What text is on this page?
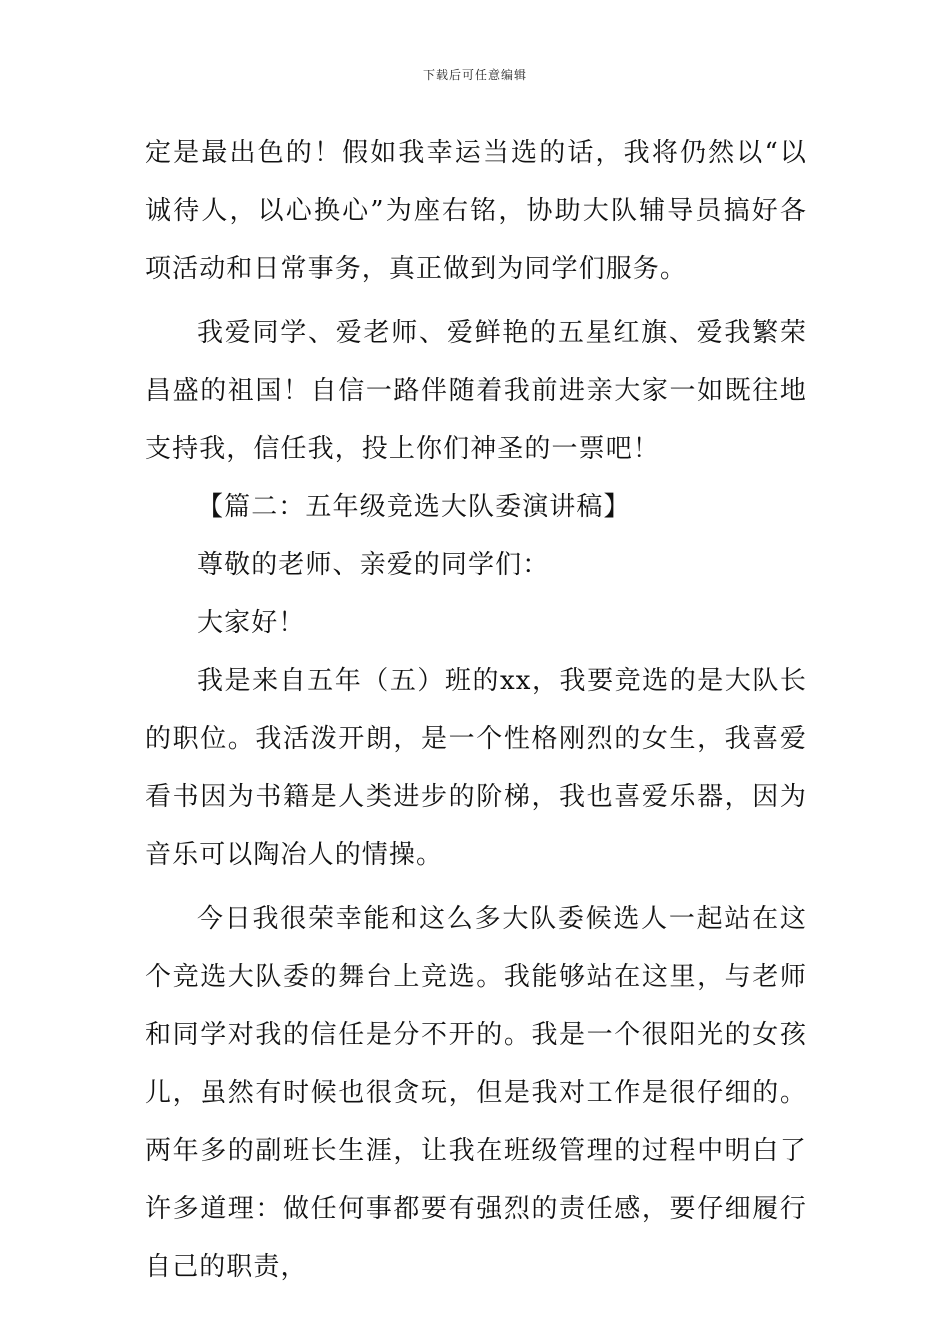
下载后可任意编辑

定是最出色的！假如我幸运当选的话，我将仍然以“以诚待人，以心换心”为座右铭，协助大队辅导员搞好各项活动和日常事务，真正做到为同学们服务。

我爱同学、爱老师、爱鲜艳的五星红旗、爱我繁荣昌盛的祖国！自信一路伴随着我前进亲大家一如既往地支持我，信任我，投上你们神圣的一票吧！

【篇二：五年级竞选大队委演讲稿】

尊敬的老师、亲爱的同学们：

大家好！

我是来自五年（五）班的xx，我要竞选的是大队长的职位。我活泼开朗，是一个性格刚烈的女生，我喜爱看书因为书籍是人类进步的阶梯，我也喜爱乐器，因为音乐可以陶冶人的情操。

今日我很荣幸能和这么多大队委候选人一起站在这个竞选大队委的舞台上竞选。我能够站在这里，与老师和同学对我的信任是分不开的。我是一个很阳光的女孩儿，虽然有时候也很贪玩，但是我对工作是很仔细的。两年多的副班长生涯，让我在班级管理的过程中明白了许多道理：做任何事都要有强烈的责任感，要仔细履行自己的职责，
